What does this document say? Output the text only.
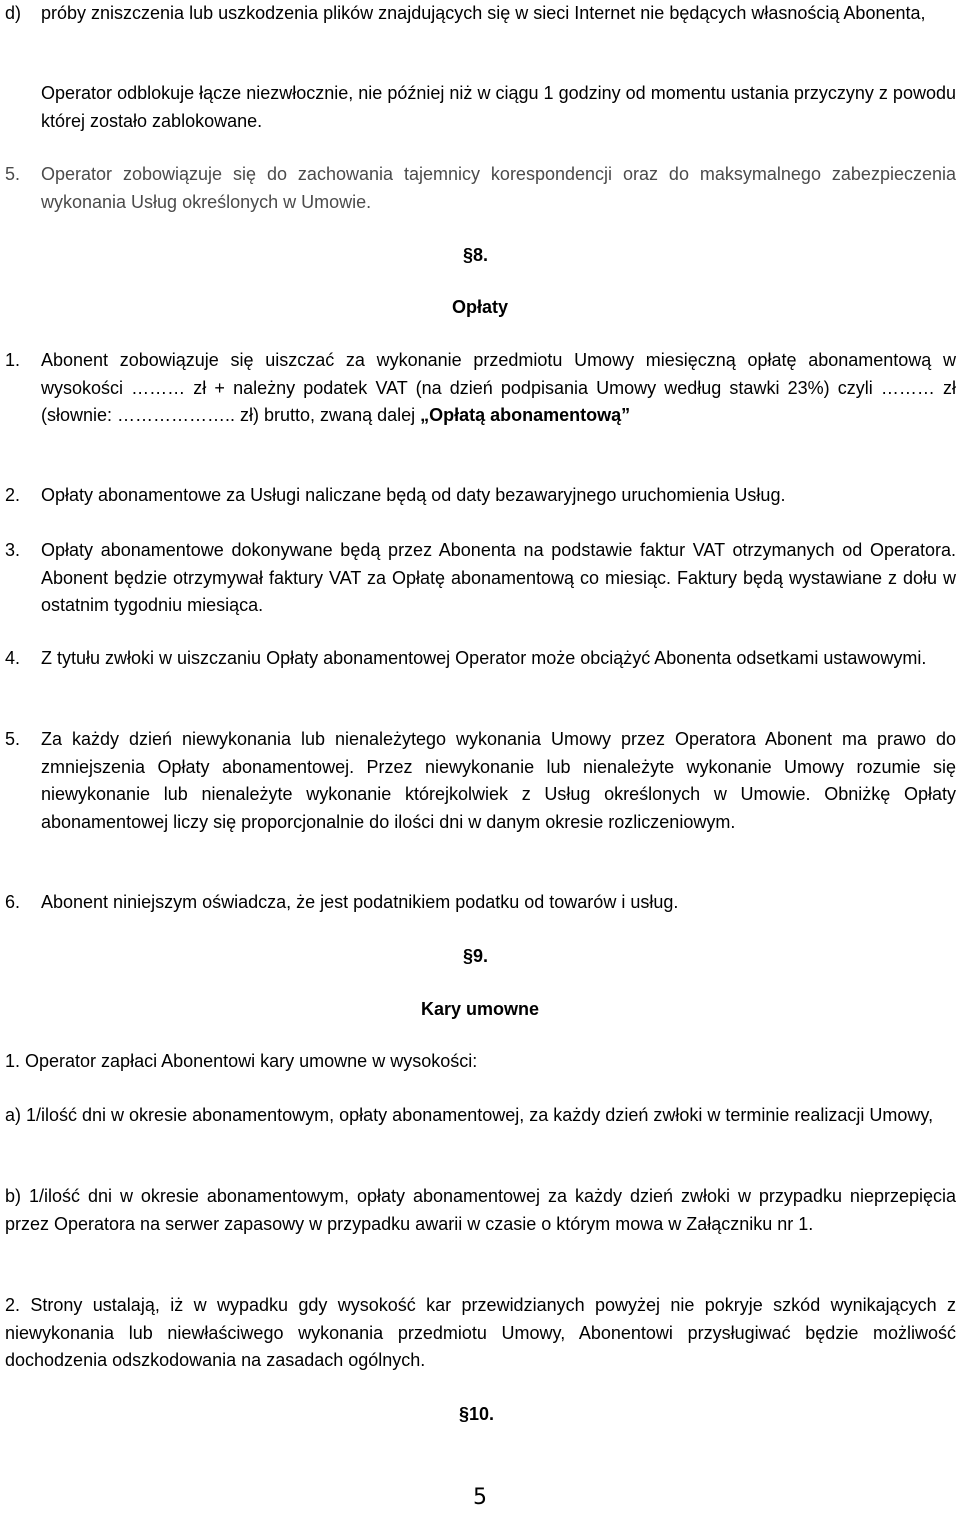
d) próby zniszczenia lub uszkodzenia plików znajdujących się w sieci Internet nie będących własnością Abonenta,

Operator odblokuje łącze niezwłocznie, nie później niż w ciągu 1 godziny od momentu ustania przyczyny z powodu której zostało zablokowane.

5. Operator zobowiązuje się do zachowania tajemnicy korespondencji oraz do maksymalnego zabezpieczenia wykonania Usług określonych w Umowie.

§8.
Opłaty
1. Abonent zobowiązuje się uiszczać za wykonanie przedmiotu Umowy miesięczną opłatę abonamentową w wysokości ……… zł + należny podatek VAT (na dzień podpisania Umowy według stawki 23%) czyli ……… zł (słownie: ……………….. zł) brutto, zwaną dalej „Opłatą abonamentową”

2. Opłaty abonamentowe za Usługi naliczane będą od daty bezawaryjnego uruchomienia Usług.

3. Opłaty abonamentowe dokonywane będą przez Abonenta na podstawie faktur VAT otrzymanych od Operatora. Abonent będzie otrzymywał faktury VAT za Opłatę abonamentową co miesiąc. Faktury będą wystawiane z dołu w ostatnim tygodniu miesiąca.

4. Z tytułu zwłoki w uiszczaniu Opłaty abonamentowej Operator może obciążyć Abonenta odsetkami ustawowymi.

5. Za każdy dzień niewykonania lub nienależytego wykonania Umowy przez Operatora Abonent ma prawo do zmniejszenia Opłaty abonamentowej. Przez niewykonanie lub nienależyte wykonanie Umowy rozumie się niewykonanie lub nienależyte wykonanie którejkolwiek z Usług określonych w Umowie. Obniżkę Opłaty abonamentowej liczy się proporcjonalnie do ilości dni w danym okresie rozliczeniowym.

6. Abonent niniejszym oświadcza, że jest podatnikiem podatku od towarów i usług.

§9.
Kary umowne

1. Operator zapłaci Abonentowi kary umowne w wysokości:

a) 1/ilość dni w okresie abonamentowym, opłaty abonamentowej, za każdy dzień zwłoki w terminie realizacji Umowy,

b) 1/ilość dni w okresie abonamentowym, opłaty abonamentowej za każdy dzień zwłoki w przypadku nieprzepięcia przez Operatora na serwer zapasowy w przypadku awarii w czasie o którym mowa w Załączniku nr 1.

2. Strony ustalają, iż w wypadku gdy wysokość kar przewidzianych powyżej nie pokryje szkód wynikających z niewykonania lub niewłaściwego wykonania przedmiotu Umowy, Abonentowi przysługiwać będzie możliwość dochodzenia odszkodowania na zasadach ogólnych.

§10.
5
